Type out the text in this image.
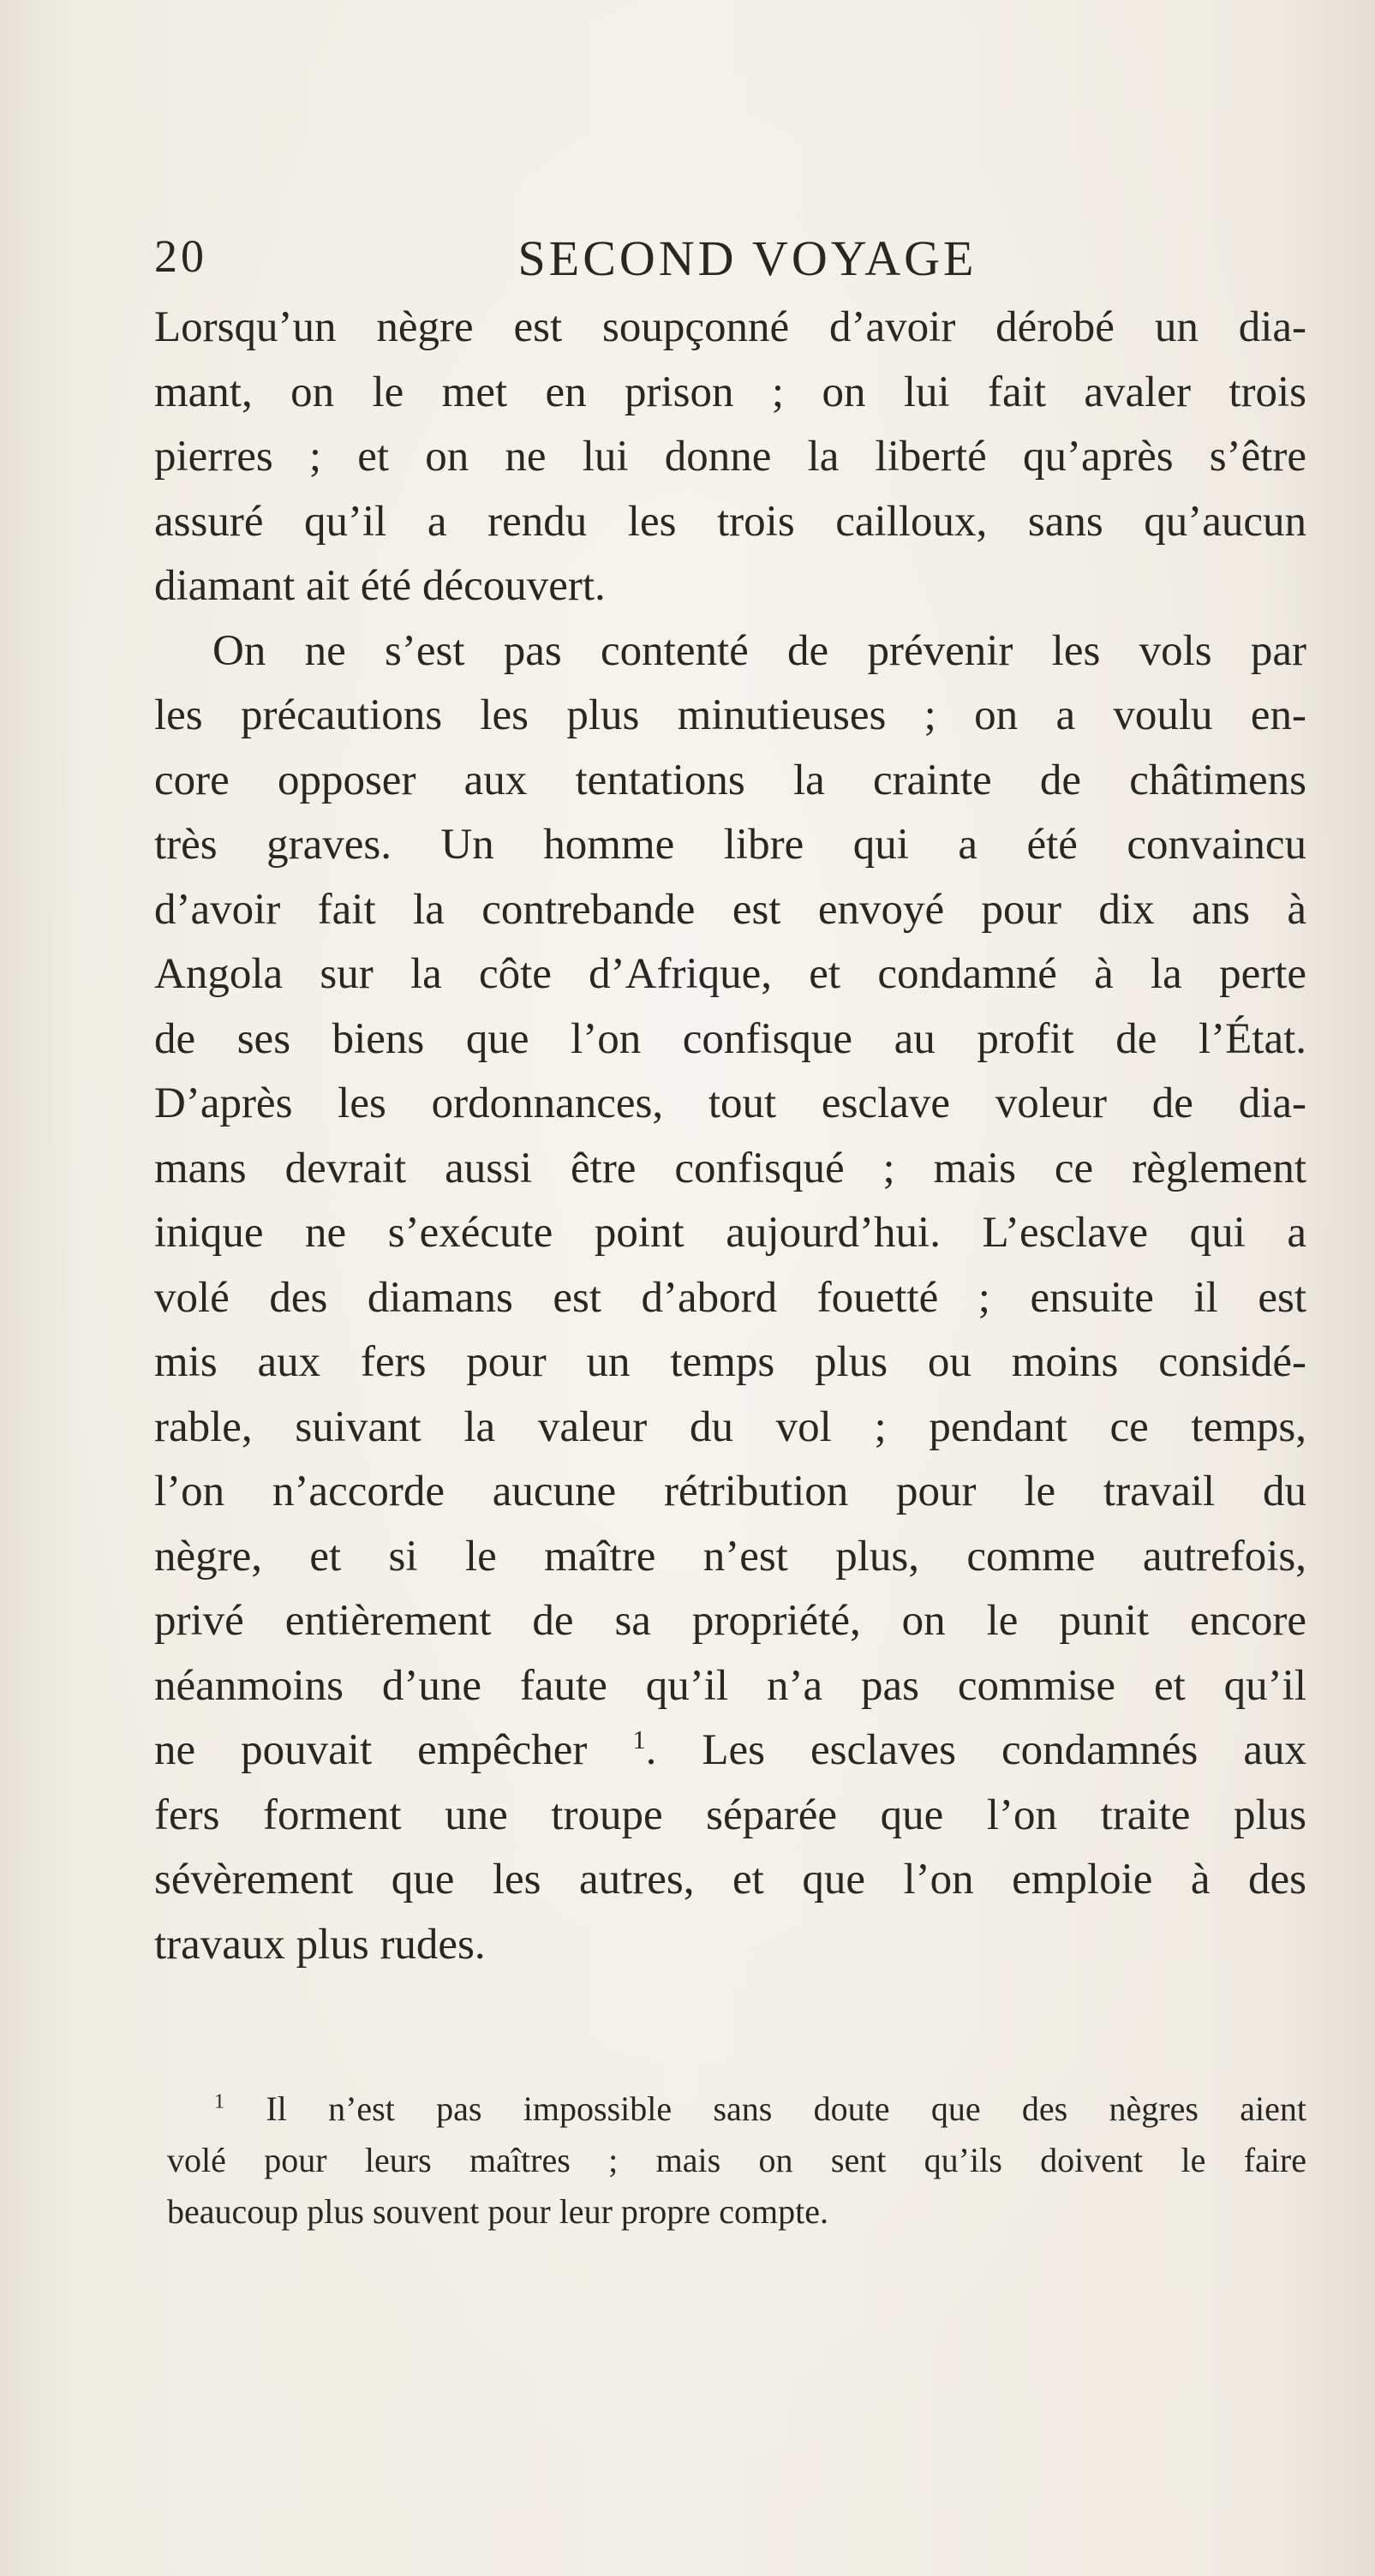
20	SECOND VOYAGE
Lorsqu’un nègre est soupçonné d’avoir dérobé un dia-
mant, on le met en prison ; on lui fait avaler trois
pierres ; et on ne lui donne la liberté qu’après s’être
assuré qu’il a rendu les trois cailloux, sans qu’aucun
diamant ait été découvert.
On ne s’est pas contenté de prévenir les vols par
les précautions les plus minutieuses ; on a voulu en-
core opposer aux tentations la crainte de châtimens
très graves. Un homme libre qui a été convaincu
d’avoir fait la contrebande est envoyé pour dix ans à
Angola sur la côte d’Afrique, et condamné à la perte
de ses biens que l’on confisque au profit de l’État.
D’après les ordonnances, tout esclave voleur de dia-
mans devrait aussi être confisqué ; mais ce règlement
inique ne s’exécute point aujourd’hui. L’esclave qui a
volé des diamans est d’abord fouetté ; ensuite il est
mis aux fers pour un temps plus ou moins considé-
rable, suivant la valeur du vol ; pendant ce temps,
l’on n’accorde aucune rétribution pour le travail du
nègre, et si le maître n’est plus, comme autrefois,
privé entièrement de sa propriété, on le punit encore
néanmoins d’une faute qu’il n’a pas commise et qu’il
ne pouvait empêcher $^1$. Les esclaves condamnés aux
fers forment une troupe séparée que l’on traite plus
sévèrement que les autres, et que l’on emploie à des
travaux plus rudes.
$^1$ Il n’est pas impossible sans doute que des nègres aient
volé pour leurs maîtres ; mais on sent qu’ils doivent le faire
beaucoup plus souvent pour leur propre compte.
